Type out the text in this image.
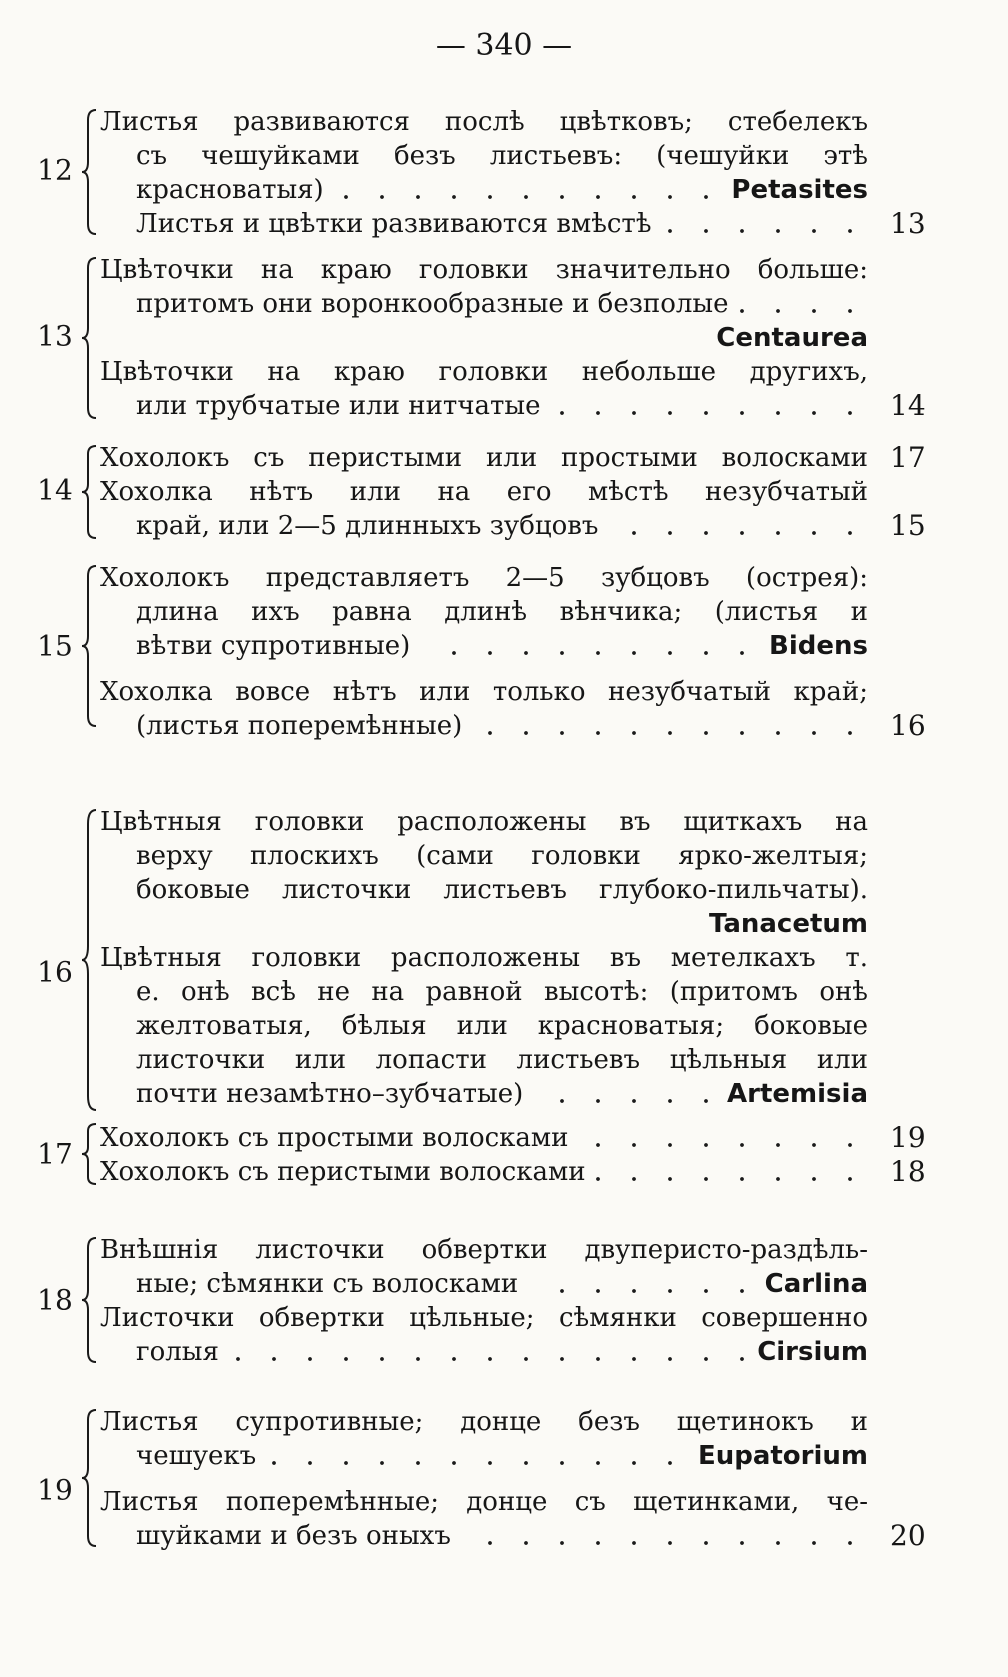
— 340 —
12
Листья развиваются послѣ цвѣтковъ; стебелекъ
съ чешуйками безъ листьевъ: (чешуйки этѣ
красноватыя)	Petasites
Листья и цвѣтки развиваются вмѣстѣ	13
13
Цвѣточки на краю головки значительно больше:
притомъ они воронкообразные и безполые
Centaurea
Цвѣточки на краю головки небольше другихъ,
или трубчатые или нитчатые	14
14
Хохолокъ съ перистыми или простыми волосками 17
Хохолка нѣтъ или на его мѣстѣ незубчатый
край, или 2—5 длинныхъ зубцовъ	15
15
Хохолокъ представляетъ 2—5 зубцовъ (острея):
длина ихъ равна длинѣ вѣнчика; (листья и
вѣтви супротивные)	Bidens
Хохолка вовсе нѣтъ или только незубчатый край;
(листья поперемѣнные)	16
16
Цвѣтныя головки расположены въ щиткахъ на
верху плоскихъ (сами головки ярко-желтыя;
боковые листочки листьевъ глубоко-пильчаты).
Tanacetum
Цвѣтныя головки расположены въ метелкахъ т.
е. онѣ всѣ не на равной высотѣ: (притомъ онѣ
желтоватыя, бѣлыя или красноватыя; боковые
листочки или лопасти листьевъ цѣльныя или
почти незамѣтно–зубчатые)	Artemisia
17 Хохолокъ съ простыми волосками	19
Хохолокъ съ перистыми волосками	18
18
Внѣшнія листочки обвертки двуперисто-раздѣль-
ные; сѣмянки съ волосками	Carlina
Листочки обвертки цѣльные; сѣмянки совершенно
голыя	Cirsium
19
Листья супротивные; донце безъ щетинокъ и
чешуекъ	Eupatorium
Листья поперемѣнные; донце съ щетинками, че-
шуйками и безъ оныхъ	20
